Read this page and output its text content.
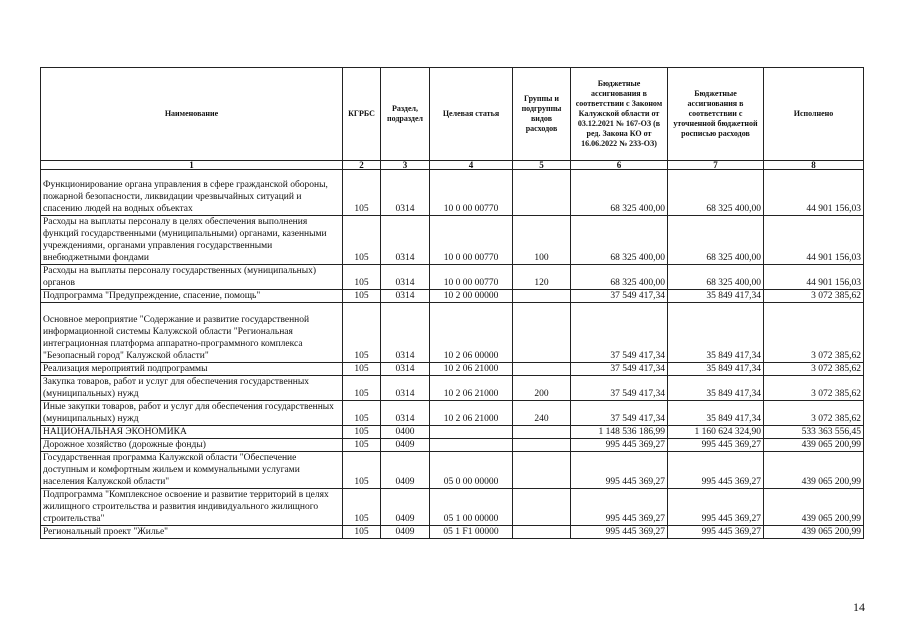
Наименование	КГРБС	Раздел, подраздел	Целевая статья	Группы и подгруппы видов расходов	Бюджетные ассигнования в соответствии с Законом Калужской области от 03.12.2021 № 167-ОЗ (в ред. Закона КО от 16.06.2022 № 233-ОЗ)	Бюджетные ассигнования в соответствии с уточненной бюджетной росписью расходов	Исполнено
1	2	3	4	5	6	7	8
Функционирование органа управления в сфере гражданской обороны, пожарной безопасности, ликвидации чрезвычайных ситуаций и спасению людей на водных объектах	105	0314	10 0 00 00770		68 325 400,00	68 325 400,00	44 901 156,03
Расходы на выплаты персоналу в целях обеспечения выполнения функций государственными (муниципальными) органами, казенными учреждениями, органами управления государственными внебюджетными фондами	105	0314	10 0 00 00770	100	68 325 400,00	68 325 400,00	44 901 156,03
Расходы на выплаты персоналу государственных (муниципальных) органов	105	0314	10 0 00 00770	120	68 325 400,00	68 325 400,00	44 901 156,03
Подпрограмма "Предупреждение, спасение, помощь"	105	0314	10 2 00 00000		37 549 417,34	35 849 417,34	3 072 385,62
Основное мероприятие "Содержание и развитие государственной информационной системы Калужской области "Региональная интеграционная платформа аппаратно-программного комплекса "Безопасный город" Калужской области"	105	0314	10 2 06 00000		37 549 417,34	35 849 417,34	3 072 385,62
Реализация мероприятий подпрограммы	105	0314	10 2 06 21000		37 549 417,34	35 849 417,34	3 072 385,62
Закупка товаров, работ и услуг для обеспечения государственных (муниципальных) нужд	105	0314	10 2 06 21000	200	37 549 417,34	35 849 417,34	3 072 385,62
Иные закупки товаров, работ и услуг для обеспечения государственных (муниципальных) нужд	105	0314	10 2 06 21000	240	37 549 417,34	35 849 417,34	3 072 385,62
НАЦИОНАЛЬНАЯ ЭКОНОМИКА	105	0400			1 148 536 186,99	1 160 624 324,90	533 363 556,45
Дорожное хозяйство (дорожные фонды)	105	0409			995 445 369,27	995 445 369,27	439 065 200,99
Государственная программа Калужской области "Обеспечение доступным и комфортным жильем и коммунальными услугами населения Калужской области"	105	0409	05 0 00 00000		995 445 369,27	995 445 369,27	439 065 200,99
Подпрограмма "Комплексное освоение и развитие территорий в целях жилищного строительства и развития индивидуального жилищного строительства"	105	0409	05 1 00 00000		995 445 369,27	995 445 369,27	439 065 200,99
Региональный проект "Жилье"	105	0409	05 1 F1 00000		995 445 369,27	995 445 369,27	439 065 200,99
14
